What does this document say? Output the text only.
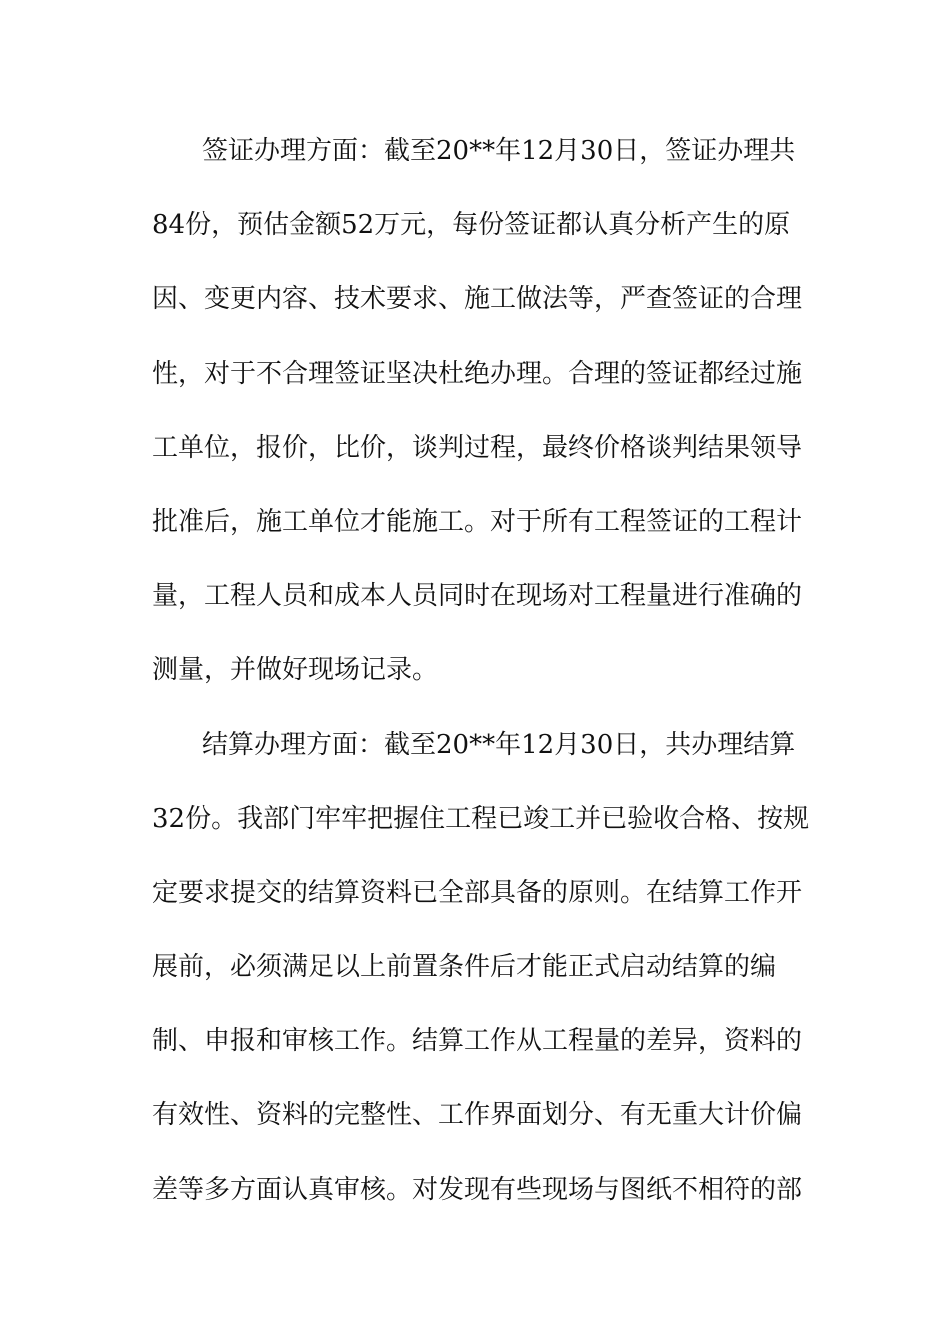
签证办理方面：截至20**年12月30日，签证办理共
84份，预估金额52万元，每份签证都认真分析产生的原
因、变更内容、技术要求、施工做法等，严查签证的合理
性，对于不合理签证坚决杜绝办理。合理的签证都经过施
工单位，报价，比价，谈判过程，最终价格谈判结果领导
批准后，施工单位才能施工。对于所有工程签证的工程计
量，工程人员和成本人员同时在现场对工程量进行准确的
测量，并做好现场记录。
结算办理方面：截至20**年12月30日，共办理结算
32份。我部门牢牢把握住工程已竣工并已验收合格、按规
定要求提交的结算资料已全部具备的原则。在结算工作开
展前，必须满足以上前置条件后才能正式启动结算的编
制、申报和审核工作。结算工作从工程量的差异，资料的
有效性、资料的完整性、工作界面划分、有无重大计价偏
差等多方面认真审核。对发现有些现场与图纸不相符的部
